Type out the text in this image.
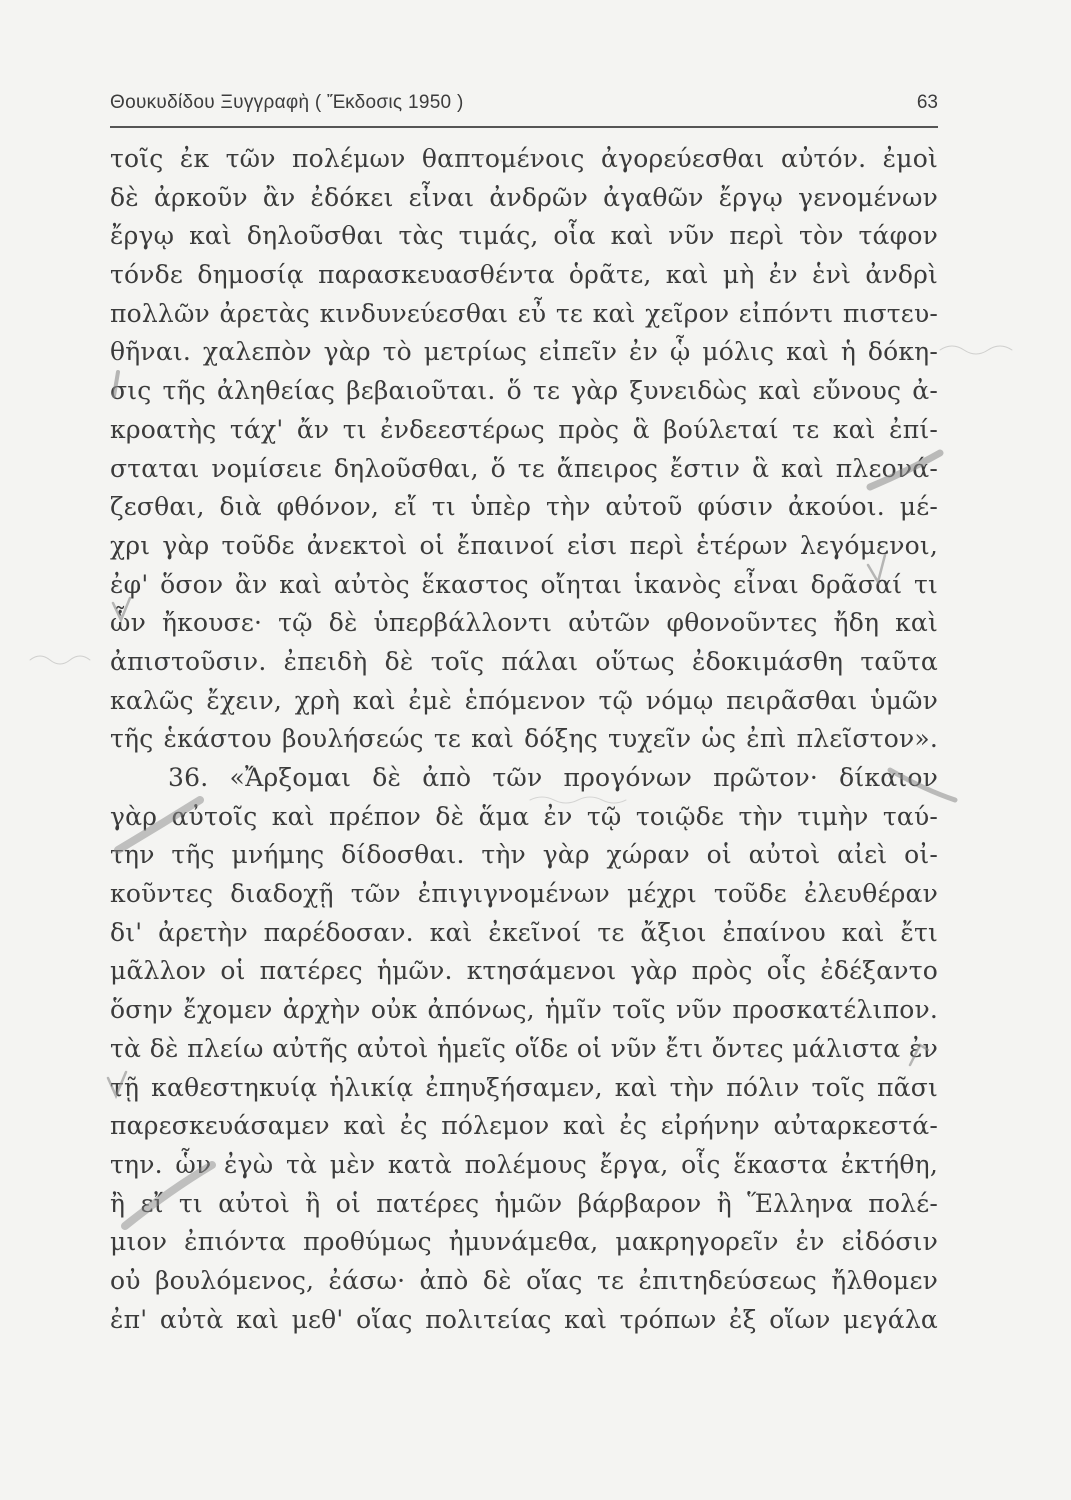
Θουκυδίδου Ξυγγραφὴ ( Ἔκδοσις 1950 )	63
τοῖς ἐκ τῶν πολέμων θαπτομένοις ἀγορεύεσθαι αὐτόν. ἐμοὶ
δὲ ἀρκοῦν ἂν ἐδόκει εἶναι ἀνδρῶν ἀγαθῶν ἔργῳ γενομένων
ἔργῳ καὶ δηλοῦσθαι τὰς τιμάς, οἷα καὶ νῦν περὶ τὸν τάφον
τόνδε δημοσίᾳ παρασκευασθέντα ὁρᾶτε, καὶ μὴ ἐν ἑνὶ ἀνδρὶ
πολλῶν ἀρετὰς κινδυνεύεσθαι εὖ τε καὶ χεῖρον εἰπόντι πιστευ-
θῆναι. χαλεπὸν γὰρ τὸ μετρίως εἰπεῖν ἐν ᾧ μόλις καὶ ἡ δόκη-
σις τῆς ἀληθείας βεβαιοῦται. ὅ τε γὰρ ξυνειδὼς καὶ εὔνους ἀ-
κροατὴς τάχ' ἄν τι ἐνδεεστέρως πρὸς ἃ βούλεταί τε καὶ ἐπί-
σταται νομίσειε δηλοῦσθαι, ὅ τε ἄπειρος ἔστιν ἃ καὶ πλεονά-
ζεσθαι, διὰ φθόνον, εἴ τι ὑπὲρ τὴν αὐτοῦ φύσιν ἀκούοι. μέ-
χρι γὰρ τοῦδε ἀνεκτοὶ οἱ ἔπαινοί εἰσι περὶ ἑτέρων λεγόμενοι,
ἐφ' ὅσον ἂν καὶ αὐτὸς ἕκαστος οἴηται ἱκανὸς εἶναι δρᾶσαί τι
ὧν ἤκουσε· τῷ δὲ ὑπερβάλλοντι αὐτῶν φθονοῦντες ἤδη καὶ
ἀπιστοῦσιν. ἐπειδὴ δὲ τοῖς πάλαι οὕτως ἐδοκιμάσθη ταῦτα
καλῶς ἔχειν, χρὴ καὶ ἐμὲ ἑπόμενον τῷ νόμῳ πειρᾶσθαι ὑμῶν
τῆς ἑκάστου βουλήσεώς τε καὶ δόξης τυχεῖν ὡς ἐπὶ πλεῖστον».
36. «Ἄρξομαι δὲ ἀπὸ τῶν προγόνων πρῶτον· δίκαιον
γὰρ αὐτοῖς καὶ πρέπον δὲ ἅμα ἐν τῷ τοιῷδε τὴν τιμὴν ταύ-
την τῆς μνήμης δίδοσθαι. τὴν γὰρ χώραν οἱ αὐτοὶ αἰεὶ οἰ-
κοῦντες διαδοχῇ τῶν ἐπιγιγνομένων μέχρι τοῦδε ἐλευθέραν
δι' ἀρετὴν παρέδοσαν. καὶ ἐκεῖνοί τε ἄξιοι ἐπαίνου καὶ ἔτι
μᾶλλον οἱ πατέρες ἡμῶν. κτησάμενοι γὰρ πρὸς οἷς ἐδέξαντο
ὅσην ἔχομεν ἀρχὴν οὐκ ἀπόνως, ἡμῖν τοῖς νῦν προσκατέλιπον.
τὰ δὲ πλείω αὐτῆς αὐτοὶ ἡμεῖς οἵδε οἱ νῦν ἔτι ὄντες μάλιστα ἐν
τῇ καθεστηκυίᾳ ἡλικίᾳ ἐπηυξήσαμεν, καὶ τὴν πόλιν τοῖς πᾶσι
παρεσκευάσαμεν καὶ ἐς πόλεμον καὶ ἐς εἰρήνην αὐταρκεστά-
την. ὧν ἐγὼ τὰ μὲν κατὰ πολέμους ἔργα, οἷς ἕκαστα ἐκτήθη,
ἢ εἴ τι αὐτοὶ ἢ οἱ πατέρες ἡμῶν βάρβαρον ἢ Ἕλληνα πολέ-
μιον ἐπιόντα προθύμως ἠμυνάμεθα, μακρηγορεῖν ἐν εἰδόσιν
οὐ βουλόμενος, ἐάσω· ἀπὸ δὲ οἵας τε ἐπιτηδεύσεως ἤλθομεν
ἐπ' αὐτὰ καὶ μεθ' οἵας πολιτείας καὶ τρόπων ἐξ οἵων μεγάλα
